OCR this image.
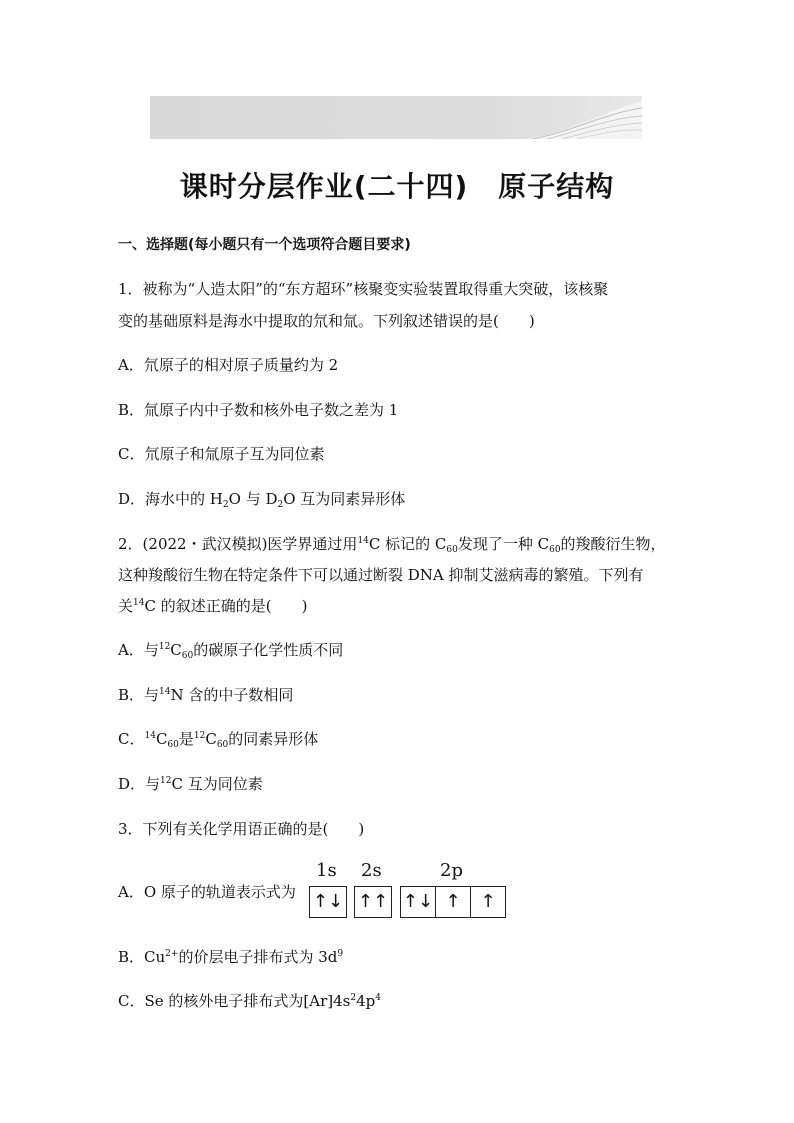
课时分层作业(二十四) 原子结构
一、选择题(每小题只有一个选项符合题目要求)
1．被称为“人造太阳”的“东方超环”核聚变实验装置取得重大突破，该核聚
变的基础原料是海水中提取的氘和氚。下列叙述错误的是(　　)
A．氘原子的相对原子质量约为 2
B．氚原子内中子数和核外电子数之差为 1
C．氘原子和氚原子互为同位素
D．海水中的 $H_2O$ 与 $D_2O$ 互为同素异形体
2．(2022・武汉模拟)医学界通过用$^{14}$C 标记的 $C_{60}$发现了一种 $C_{60}$的羧酸衍生物，
这种羧酸衍生物在特定条件下可以通过断裂 DNA 抑制艾滋病毒的繁殖。下列有
关$^{14}$C 的叙述正确的是(　　)
A．与$^{12}C_{60}$的碳原子化学性质不同
B．与$^{14}$N 含的中子数相同
C．$^{14}C_{60}$是$^{12}C_{60}$的同素异形体
D．与$^{12}$C 互为同位素
3．下列有关化学用语正确的是(　　)
A．O 原子的轨道表示式为
1s 2s	2p
↑↓ ↑↑ ↑↓ ↑	↑
B．$Cu^{2+}$的价层电子排布式为 $3d^9$
C．Se 的核外电子排布式为$[Ar]4s^24p^4$
